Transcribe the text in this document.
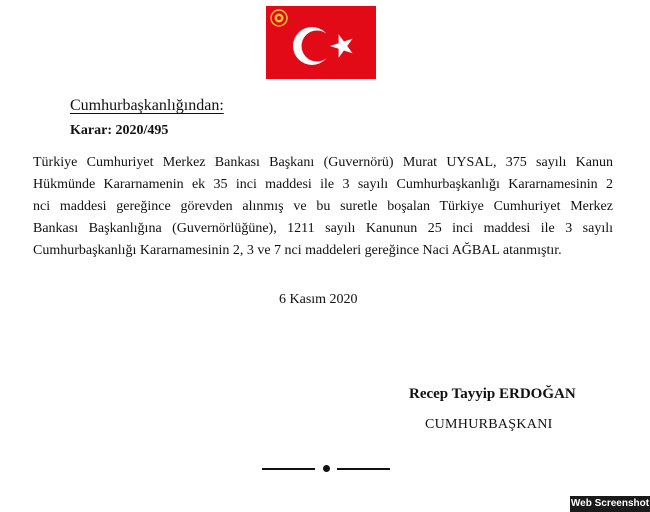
Cumhurbaşkanlığından:
Karar: 2020/495
Türkiye Cumhuriyet Merkez Bankası Başkanı (Guvernörü) Murat UYSAL, 375 sayılı Kanun
Hükmünde Kararnamenin ek 35 inci maddesi ile 3 sayılı Cumhurbaşkanlığı Kararnamesinin 2
nci maddesi gereğince görevden alınmış ve bu suretle boşalan Türkiye Cumhuriyet Merkez
Bankası Başkanlığına (Guvernörlüğüne), 1211 sayılı Kanunun 25 inci maddesi ile 3 sayılı
Cumhurbaşkanlığı Kararnamesinin 2, 3 ve 7 nci maddeleri gereğince Naci AĞBAL atanmıştır.
6 Kasım 2020
Recep Tayyip ERDOĞAN
CUMHURBAŞKANI
Web Screenshot
